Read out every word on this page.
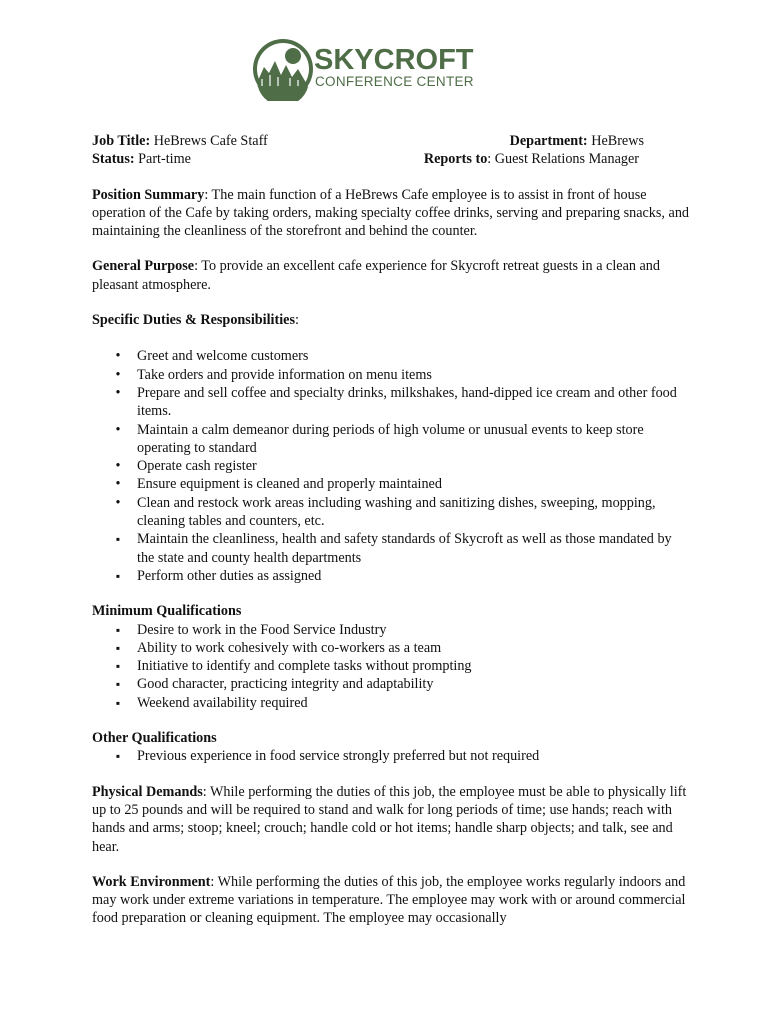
SKYCROFT
CONFERENCE CENTER
Job Title: HeBrews Cafe Staff	Department: HeBrews
Status: Part-time	Reports to: Guest Relations Manager

Position Summary: The main function of a HeBrews Cafe employee is to assist in front of house operation of the Cafe by taking orders, making specialty coffee drinks, serving and preparing snacks, and maintaining the cleanliness of the storefront and behind the counter.

General Purpose: To provide an excellent cafe experience for Skycroft retreat guests in a clean and pleasant atmosphere.

Specific Duties & Responsibilities:

•
Greet and welcome customers
•
Take orders and provide information on menu items
•
Prepare and sell coffee and specialty drinks, milkshakes, hand-dipped ice cream and other food items.
•
Maintain a calm demeanor during periods of high volume or unusual events to keep store operating to standard
•
Operate cash register
•
Ensure equipment is cleaned and properly maintained
•
Clean and restock work areas including washing and sanitizing dishes, sweeping, mopping, cleaning tables and counters, etc.
▪
Maintain the cleanliness, health and safety standards of Skycroft as well as those mandated by the state and county health departments
▪
Perform other duties as assigned

Minimum Qualifications

▪
Desire to work in the Food Service Industry
▪
Ability to work cohesively with co-workers as a team
▪
Initiative to identify and complete tasks without prompting
▪
Good character, practicing integrity and adaptability
▪
Weekend availability required

Other Qualifications

▪
Previous experience in food service strongly preferred but not required

Physical Demands: While performing the duties of this job, the employee must be able to physically lift up to 25 pounds and will be required to stand and walk for long periods of time; use hands; reach with hands and arms; stoop; kneel; crouch; handle cold or hot items; handle sharp objects; and talk, see and hear.

Work Environment: While performing the duties of this job, the employee works regularly indoors and may work under extreme variations in temperature. The employee may work with or around commercial food preparation or cleaning equipment. The employee may occasionally
